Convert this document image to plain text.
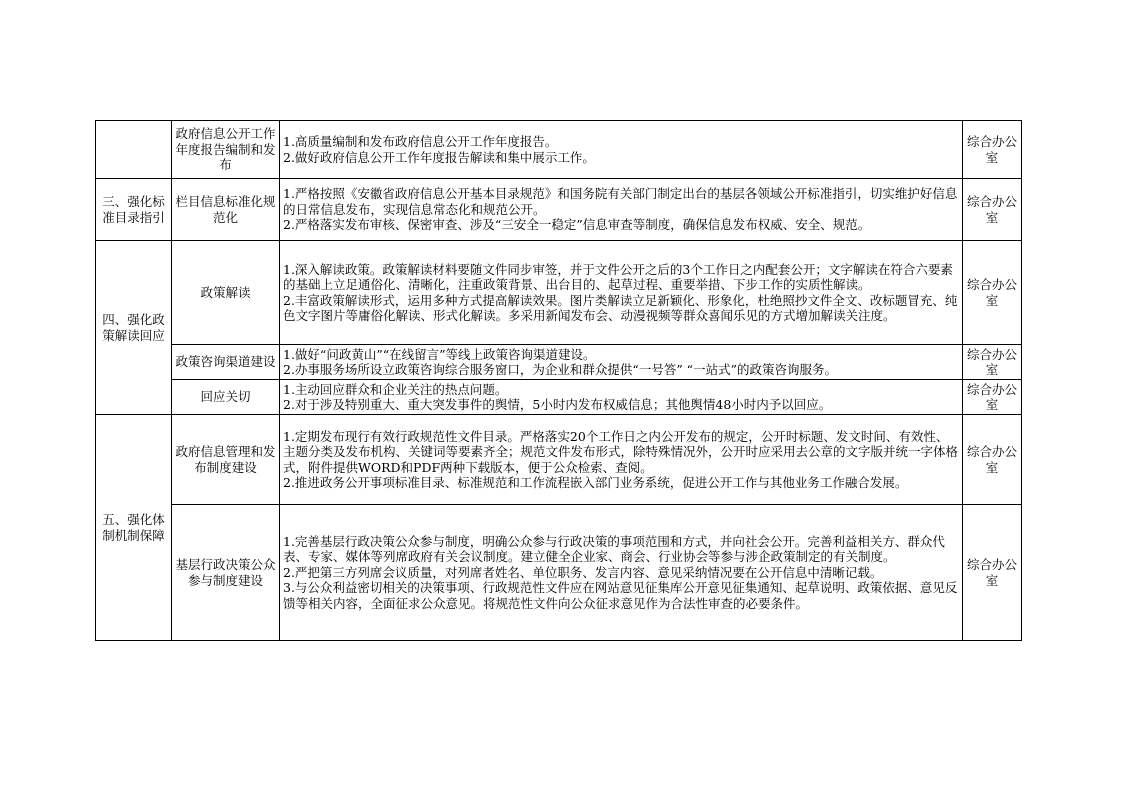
	政府信息公开工作年度报告编制和发布	1.高质量编制和发布政府信息公开工作年度报告。
2.做好政府信息公开工作年度报告解读和集中展示工作。	综合办公室
三、强化标准目录指引	栏目信息标准化规范化	1.严格按照《安徽省政府信息公开基本目录规范》和国务院有关部门制定出台的基层各领域公开标准指引，切实维护好信息的日常信息发布，实现信息常态化和规范公开。
2.严格落实发布审核、保密审查、涉及“三安全一稳定”信息审查等制度，确保信息发布权威、安全、规范。	综合办公室
四、强化政策解读回应	政策解读	1.深入解读政策。政策解读材料要随文件同步审签，并于文件公开之后的3个工作日之内配套公开；文字解读在符合六要素的基础上立足通俗化、清晰化，注重政策背景、出台目的、起草过程、重要举措、下步工作的实质性解读。
2.丰富政策解读形式，运用多种方式提高解读效果。图片类解读立足新颖化、形象化，杜绝照抄文件全文、改标题冒充、纯色文字图片等庸俗化解读、形式化解读。多采用新闻发布会、动漫视频等群众喜闻乐见的方式增加解读关注度。	综合办公室
	政策咨询渠道建设	1.做好“问政黄山”“在线留言”等线上政策咨询渠道建设。
2.办事服务场所设立政策咨询综合服务窗口，为企业和群众提供“一号答” “一站式”的政策咨询服务。	综合办公室
	回应关切	1.主动回应群众和企业关注的热点问题。
2.对于涉及特别重大、重大突发事件的舆情，5小时内发布权威信息；其他舆情48小时内予以回应。	综合办公室
五、强化体制机制保障	政府信息管理和发布制度建设	1.定期发布现行有效行政规范性文件目录。严格落实20个工作日之内公开发布的规定，公开时标题、发文时间、有效性、主题分类及发布机构、关键词等要素齐全；规范文件发布形式，除特殊情况外，公开时应采用去公章的文字版并统一字体格式，附件提供WORD和PDF两种下载版本，便于公众检索、查阅。
2.推进政务公开事项标准目录、标准规范和工作流程嵌入部门业务系统，促进公开工作与其他业务工作融合发展。	综合办公室
	基层行政决策公众参与制度建设	1.完善基层行政决策公众参与制度，明确公众参与行政决策的事项范围和方式，并向社会公开。完善利益相关方、群众代表、专家、媒体等列席政府有关会议制度。建立健全企业家、商会、行业协会等参与涉企政策制定的有关制度。
2.严把第三方列席会议质量，对列席者姓名、单位职务、发言内容、意见采纳情况要在公开信息中清晰记载。
3.与公众利益密切相关的决策事项、行政规范性文件应在网站意见征集库公开意见征集通知、起草说明、政策依据、意见反馈等相关内容，全面征求公众意见。将规范性文件向公众征求意见作为合法性审查的必要条件。	综合办公室
